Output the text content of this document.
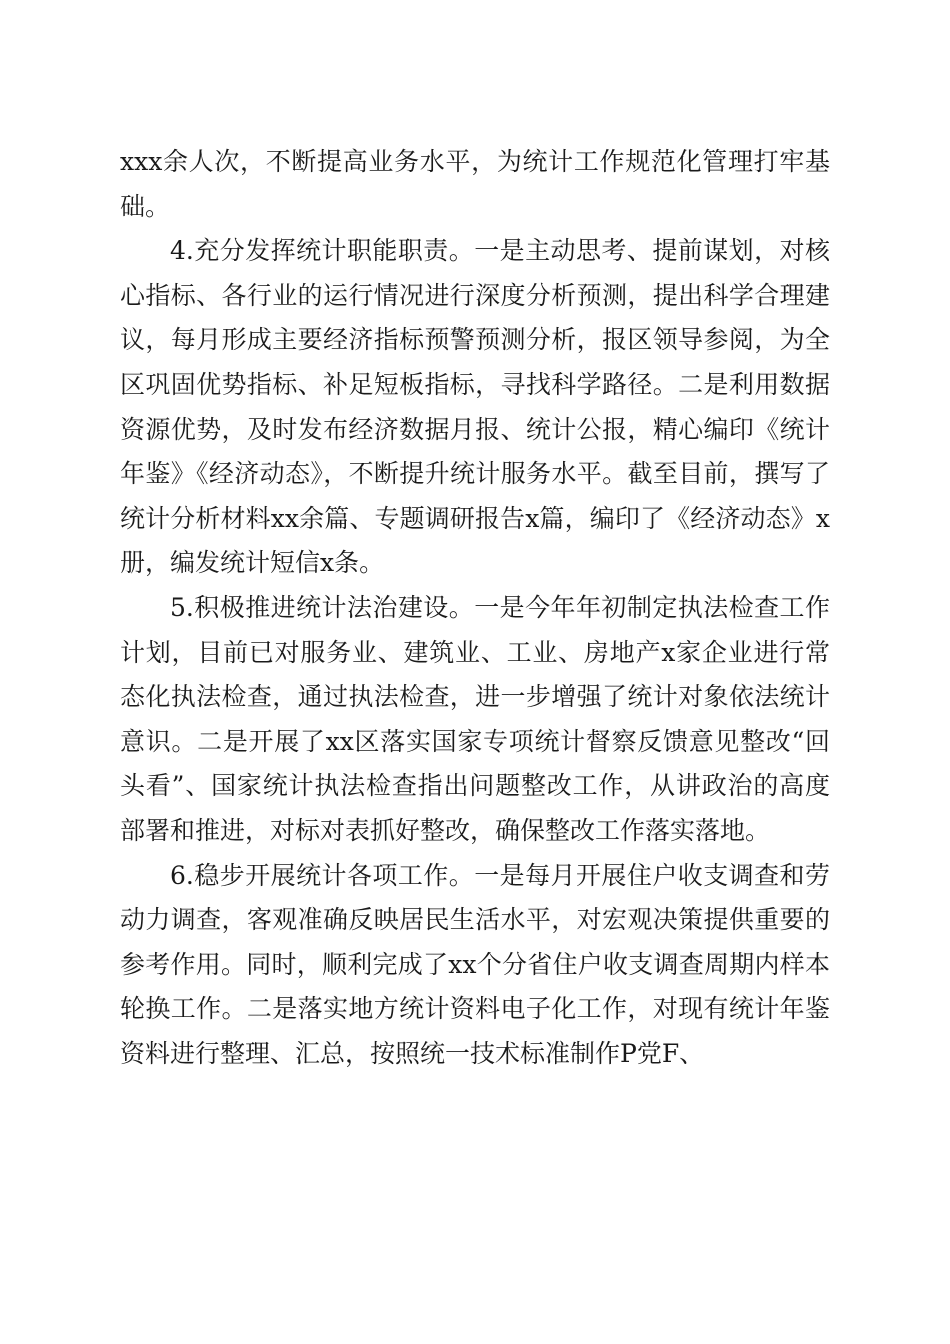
xxx余人次，不断提高业务水平，为统计工作规范化管理打牢基础。

4.充分发挥统计职能职责。一是主动思考、提前谋划，对核心指标、各行业的运行情况进行深度分析预测，提出科学合理建议，每月形成主要经济指标预警预测分析，报区领导参阅，为全区巩固优势指标、补足短板指标，寻找科学路径。二是利用数据资源优势，及时发布经济数据月报、统计公报，精心编印《统计年鉴》《经济动态》，不断提升统计服务水平。截至目前，撰写了统计分析材料xx余篇、专题调研报告x篇，编印了《经济动态》x册，编发统计短信x条。

5.积极推进统计法治建设。一是今年年初制定执法检查工作计划，目前已对服务业、建筑业、工业、房地产x家企业进行常态化执法检查，通过执法检查，进一步增强了统计对象依法统计意识。二是开展了xx区落实国家专项统计督察反馈意见整改“回头看”、国家统计执法检查指出问题整改工作，从讲政治的高度部署和推进，对标对表抓好整改，确保整改工作落实落地。

6.稳步开展统计各项工作。一是每月开展住户收支调查和劳动力调查，客观准确反映居民生活水平，对宏观决策提供重要的参考作用。同时，顺利完成了xx个分省住户收支调查周期内样本轮换工作。二是落实地方统计资料电子化工作，对现有统计年鉴资料进行整理、汇总，按照统一技术标准制作P党F、
